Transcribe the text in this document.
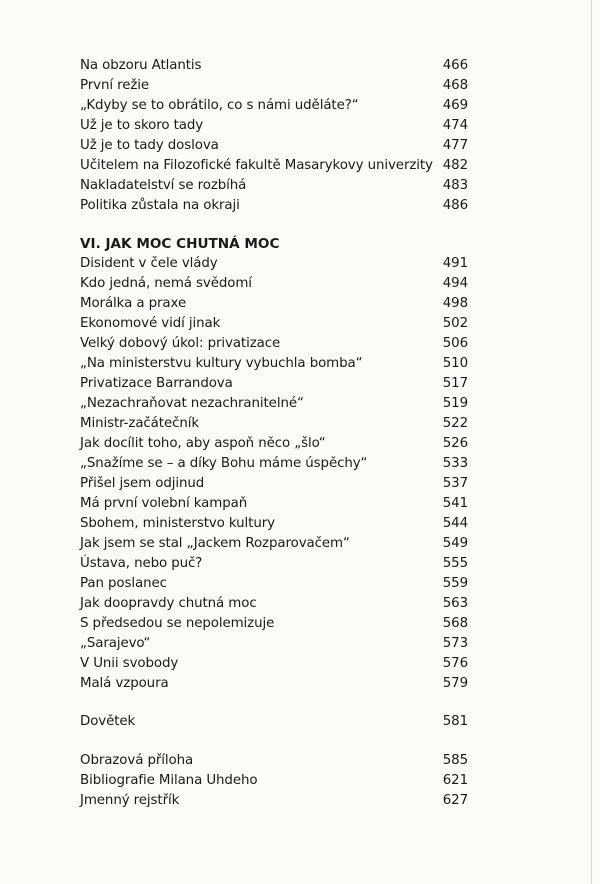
Na obzoru Atlantis	466
První režie	468
„Kdyby se to obrátilo, co s námi uděláte?“	469
Už je to skoro tady	474
Už je to tady doslova	477
Učitelem na Filozofické fakultě Masarykovy univerzity 482
Nakladatelství se rozbíhá	483
Politika zůstala na okraji	486
VI. JAK MOC CHUTNÁ MOC
Disident v čele vlády	491
Kdo jedná, nemá svědomí	494
Morálka a praxe	498
Ekonomové vidí jinak	502
Velký dobový úkol: privatizace	506
„Na ministerstvu kultury vybuchla bomba“	510
Privatizace Barrandova	517
„Nezachraňovat nezachranitelné“	519
Ministr-začátečník	522
Jak docílit toho, aby aspoň něco „šlo“	526
„Snažíme se – a díky Bohu máme úspěchy“	533
Přišel jsem odjinud	537
Má první volební kampaň	541
Sbohem, ministerstvo kultury	544
Jak jsem se stal „Jackem Rozparovačem“	549
Ústava, nebo puč?	555
Pan poslanec	559
Jak doopravdy chutná moc	563
S předsedou se nepolemizuje	568
„Sarajevo“	573
V Unii svobody	576
Malá vzpoura	579
Dovětek	581
Obrazová příloha	585
Bibliografie Milana Uhdeho	621
Jmenný rejstřík	627
